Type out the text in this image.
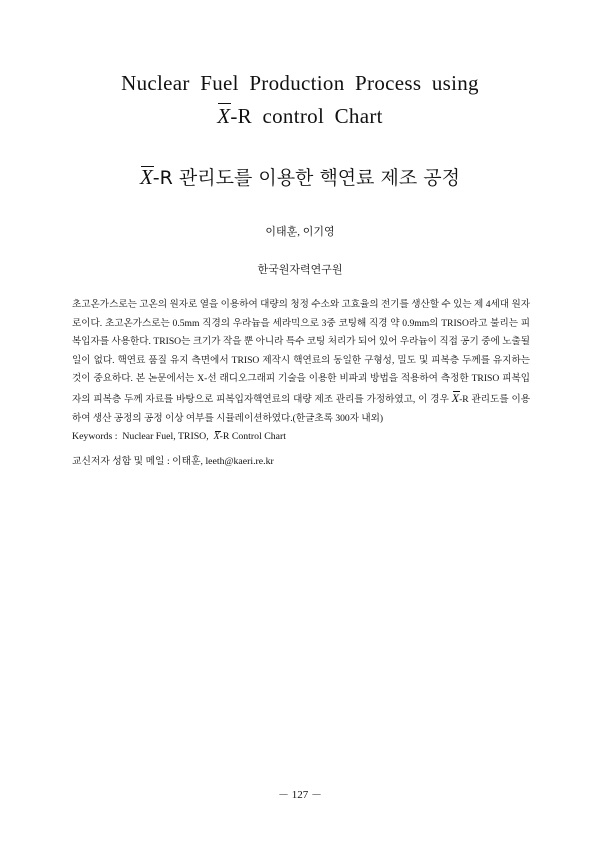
Nuclear Fuel Production Process using
X-R control Chart
X-R 관리도를 이용한 핵연료 제조 공정
이태훈, 이기영
한국원자력연구원

초고온가스로는 고온의 원자로 열을 이용하여 대량의 청정 수소와 고효율의 전기를 생산할 수 있는 제 4세대 원자로이다. 초고온가스로는 0.5mm 직경의 우라늄을 세라믹으로 3중 코팅해 직경 약 0.9mm의 TRISO라고 불리는 피복입자를 사용한다. TRISO는 크기가 작을 뿐 아니라 특수 코팅 처리가 되어 있어 우라늄이 직접 공기 중에 노출될 일이 없다. 핵연료 품질 유지 측면에서 TRISO 제작시 핵연료의 동일한 구형성, 밀도 및 피복층 두께를 유지하는 것이 중요하다. 본 논문에서는 X-선 래디오그래피 기술을 이용한 비파괴 방법을 적용하여 측정한 TRISO 피복입자의 피복층 두께 자료를 바탕으로 피복입자핵연료의 대량 제조 관리를 가정하였고, 이 경우 X-R 관리도를 이용하여 생산 공정의 공정 이상 여부를 시뮬레이션하였다.(한글초록 300자 내외)

Keywords : Nuclear Fuel, TRISO, X-R Control Chart
교신저자 성함 및 메일 : 이태훈, leeth@kaeri.re.kr
－ 127 －
